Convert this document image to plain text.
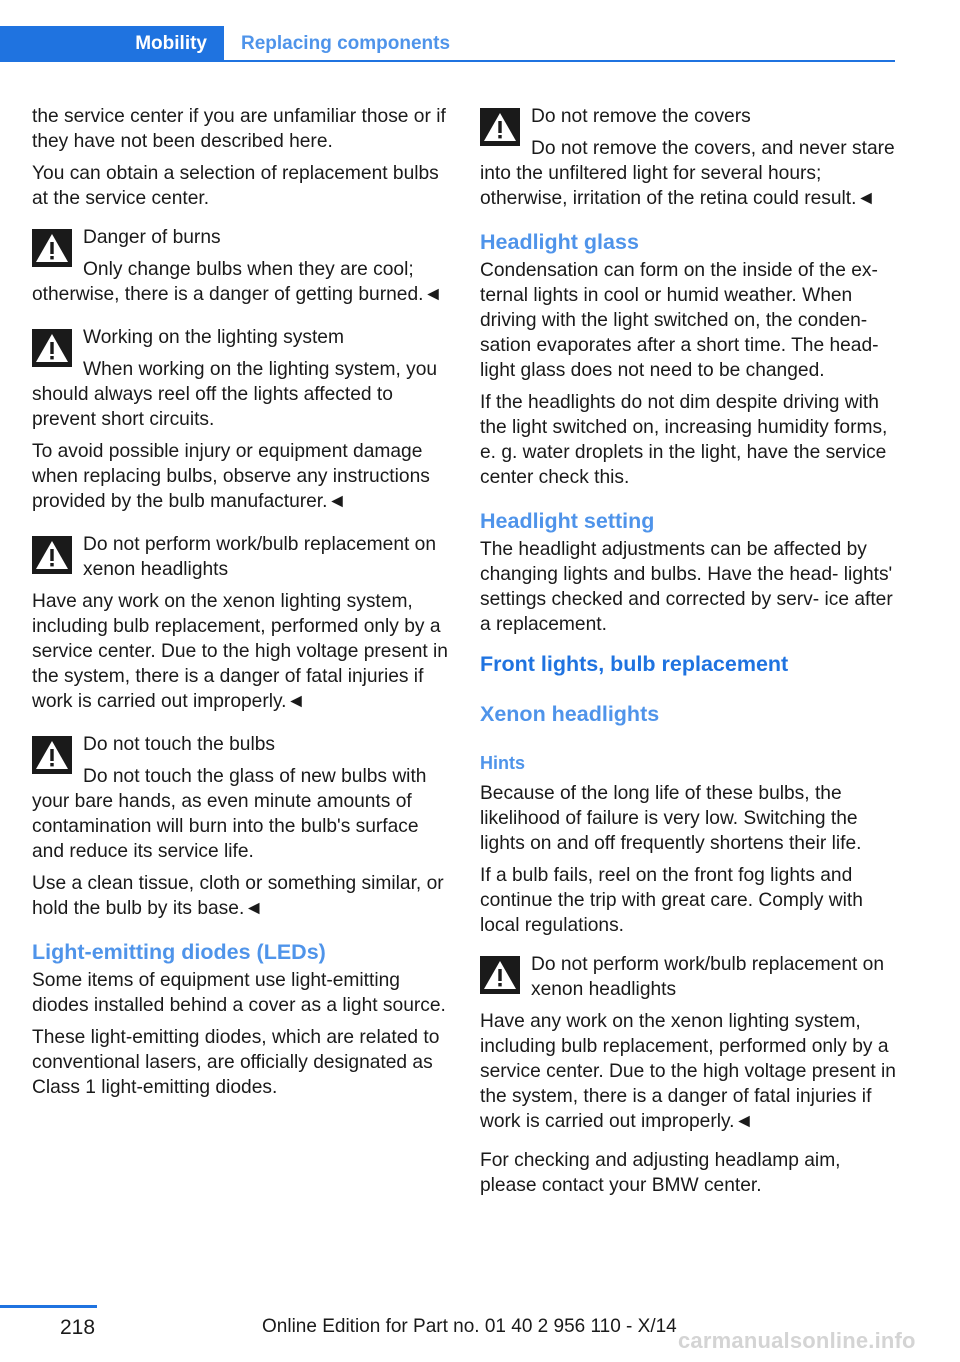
Mobility	Replacing components

the service center if you are unfamiliar those or if they have not been described here.

You can obtain a selection of replacement bulbs at the service center.

Danger of burns
Only change bulbs when they are cool; otherwise, there is a danger of getting burned.◄
Working on the lighting system
When working on the lighting system, you should always reel off the lights affected to prevent short circuits.
To avoid possible injury or equipment damage when replacing bulbs, observe any instructions provided by the bulb manufacturer.◄
Do not perform work/bulb replacement on xenon headlights
Have any work on the xenon lighting system, including bulb replacement, performed only by a service center. Due to the high voltage present in the system, there is a danger of fatal injuries if work is carried out improperly.◄
Do not touch the bulbs
Do not touch the glass of new bulbs with your bare hands, as even minute amounts of contamination will burn into the bulb's surface and reduce its service life.
Use a clean tissue, cloth or something similar, or hold the bulb by its base.◄
Light-emitting diodes (LEDs)

Some items of equipment use light-emitting diodes installed behind a cover as a light source.

These light-emitting diodes, which are related to conventional lasers, are officially designated as Class 1 light-emitting diodes.

Do not remove the covers
Do not remove the covers, and never stare into the unfiltered light for several hours; otherwise, irritation of the retina could result.◄
Headlight glass

Condensation can form on the inside of the ex‐ ternal lights in cool or humid weather. When driving with the light switched on, the conden‐ sation evaporates after a short time. The head‐ light glass does not need to be changed.

If the headlights do not dim despite driving with the light switched on, increasing humidity forms, e. g. water droplets in the light, have the service center check this.

Headlight setting

The headlight adjustments can be affected by changing lights and bulbs. Have the head‐ lights' settings checked and corrected by serv‐ ice after a replacement.

Front lights, bulb replacement
Xenon headlights
Hints

Because of the long life of these bulbs, the likelihood of failure is very low. Switching the lights on and off frequently shortens their life.

If a bulb fails, reel on the front fog lights and continue the trip with great care. Comply with local regulations.

Do not perform work/bulb replacement on xenon headlights
Have any work on the xenon lighting system, including bulb replacement, performed only by a service center. Due to the high voltage present in the system, there is a danger of fatal injuries if work is carried out improperly.◄

For checking and adjusting headlamp aim, please contact your BMW center.

218	Online Edition for Part no. 01 40 2 956 110 - X/14
carmanualsonline.info
